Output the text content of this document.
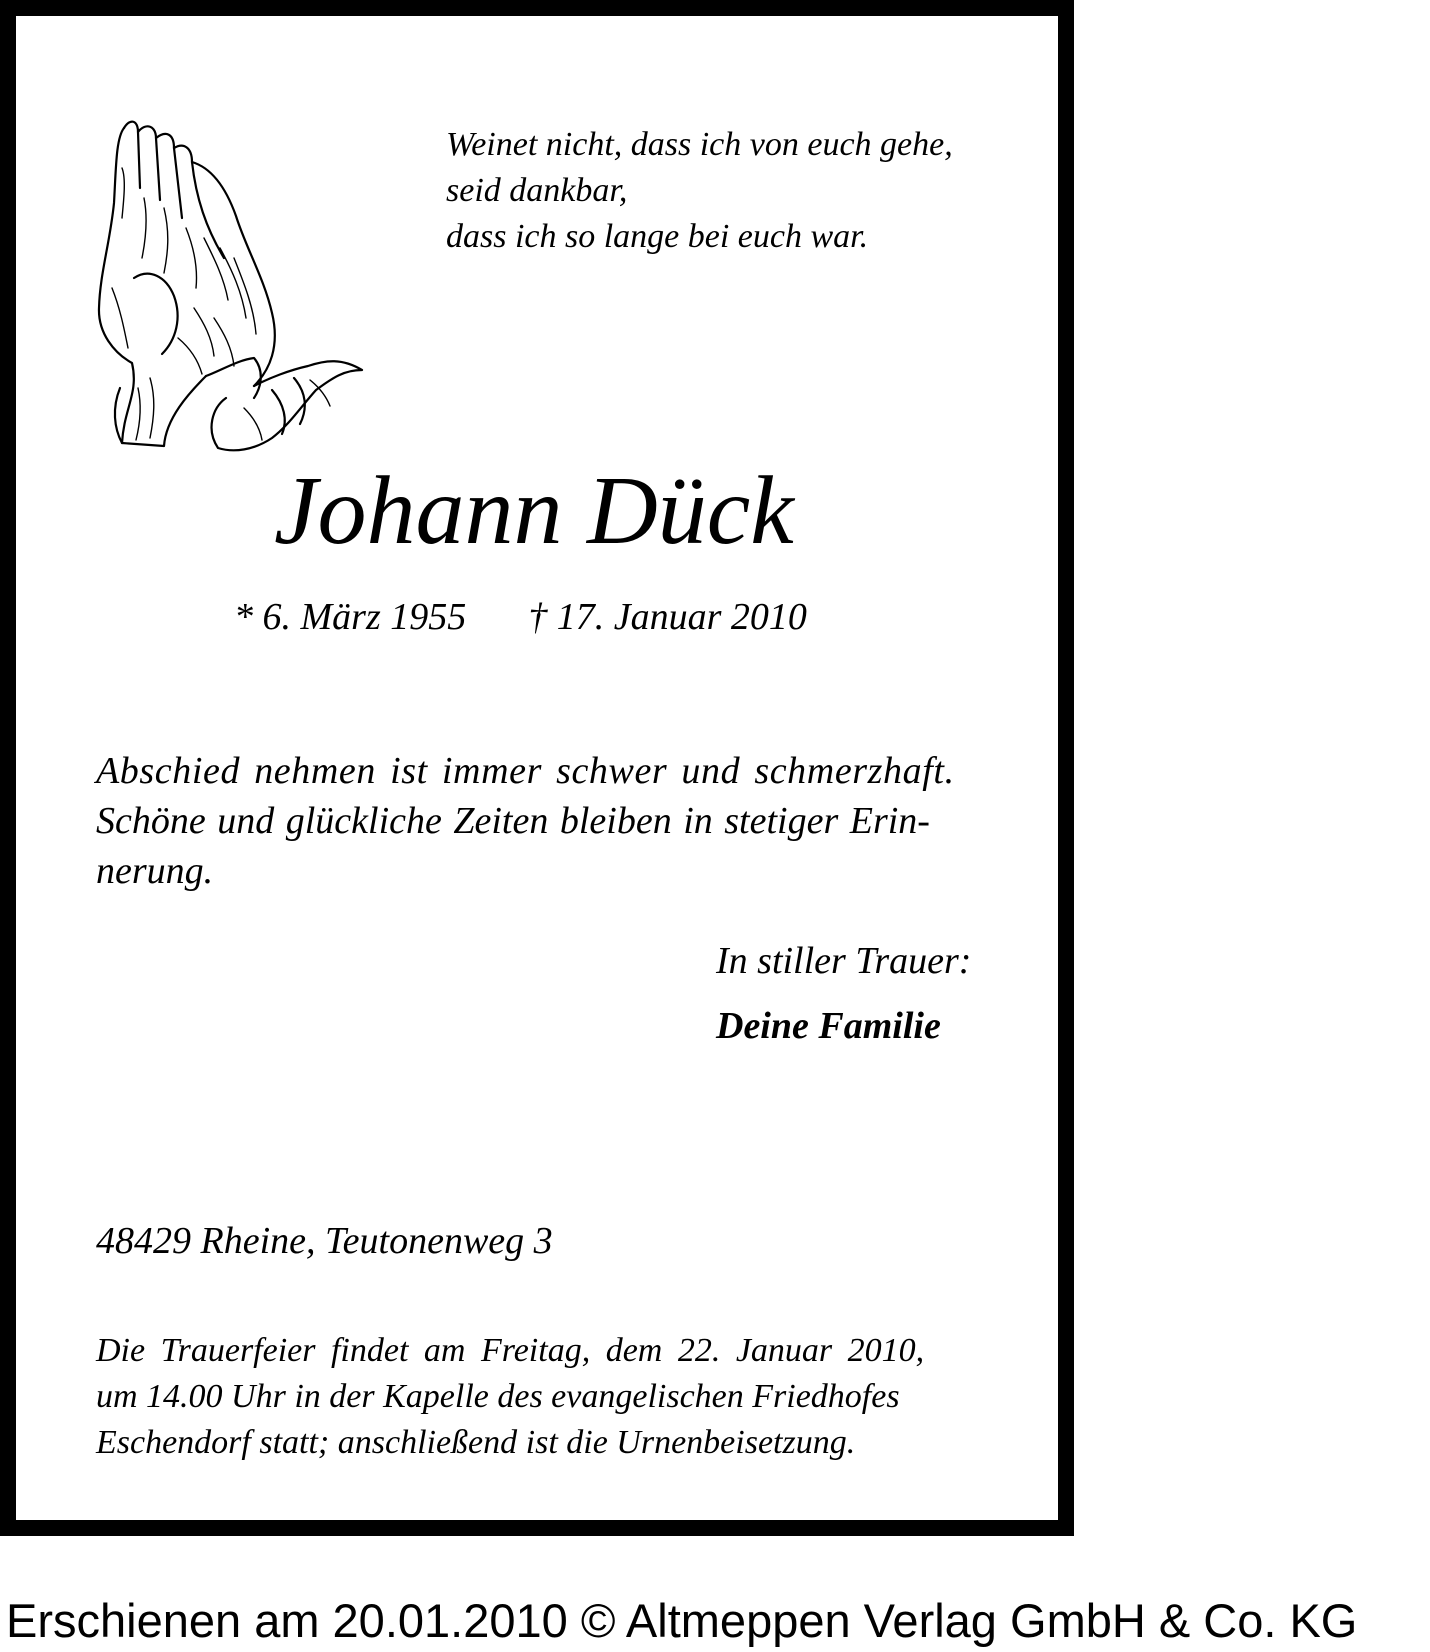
Weinet nicht, dass ich von euch gehe,
seid dankbar,
dass ich so lange bei euch war.
Johann Dück
* 6. März 1955 † 17. Januar 2010
Abschied nehmen ist immer schwer und schmerzhaft.
Schöne und glückliche Zeiten bleiben in stetiger Erin-
nerung.
In stiller Trauer:
Deine Familie
48429 Rheine, Teutonenweg 3
Die Trauerfeier findet am Freitag, dem 22. Januar 2010,
um 14.00 Uhr in der Kapelle des evangelischen Friedhofes
Eschendorf statt; anschließend ist die Urnenbeisetzung.
Erschienen am 20.01.2010 © Altmeppen Verlag GmbH & Co. KG
